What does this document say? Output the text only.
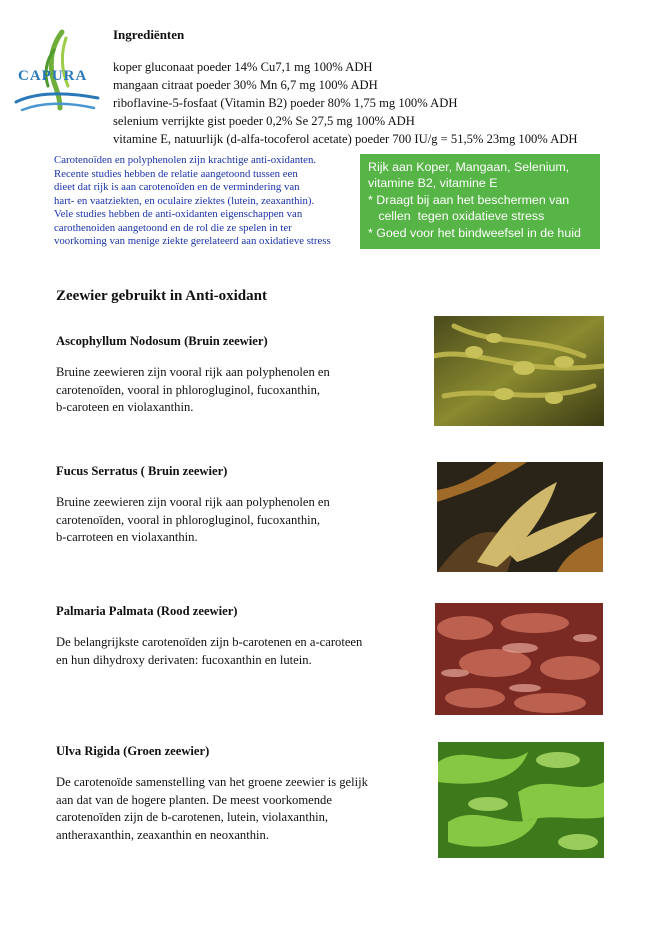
CAPURA
Ingrediënten
koper gluconaat poeder 14% Cu7,1 mg 100% ADH
mangaan citraat poeder 30% Mn 6,7 mg 100% ADH
riboflavine-5-fosfaat (Vitamin B2) poeder 80% 1,75 mg 100% ADH
selenium verrijkte gist poeder 0,2% Se 27,5 mg 100% ADH
vitamine E, natuurlijk (d-alfa-tocoferol acetate) poeder 700 IU/g = 51,5% 23mg 100% ADH
Carotenoïden en polyphenolen zijn krachtige anti-oxidanten.
Recente studies hebben de relatie aangetoond tussen een
dieet dat rijk is aan carotenoïden en de vermindering van
hart- en vaatziekten, en oculaire ziektes (lutein, zeaxanthin).
Vele studies hebben de anti-oxidanten eigenschappen van
carothenoiden aangetoond en de rol die ze spelen in ter
voorkoming van menige ziekte gerelateerd aan oxidatieve stress
Rijk aan Koper, Mangaan, Selenium,
vitamine B2, vitamine E
* Draagt bij aan het beschermen van
cellen  tegen oxidatieve stress
* Goed voor het bindweefsel in de huid
Zeewier gebruikt in Anti-oxidant
Ascophyllum Nodosum (Bruin zeewier)
Bruine zeewieren zijn vooral rijk aan polyphenolen en
carotenoïden, vooral in phlorogluginol, fucoxanthin,
b-caroteen en violaxanthin.
Fucus Serratus ( Bruin zeewier)
Bruine zeewieren zijn vooral rijk aan polyphenolen en
carotenoïden, vooral in phlorogluginol, fucoxanthin,
b-carroteen en violaxanthin.
Palmaria Palmata (Rood zeewier)
De belangrijkste carotenoïden zijn b-carotenen en a-caroteen
en hun dihydroxy derivaten: fucoxanthin en lutein.
Ulva Rigida (Groen zeewier)
De carotenoïde samenstelling van het groene zeewier is gelijk
aan dat van de hogere planten. De meest voorkomende
carotenoïden zijn de b-carotenen, lutein, violaxanthin,
antheraxanthin, zeaxanthin en neoxanthin.
